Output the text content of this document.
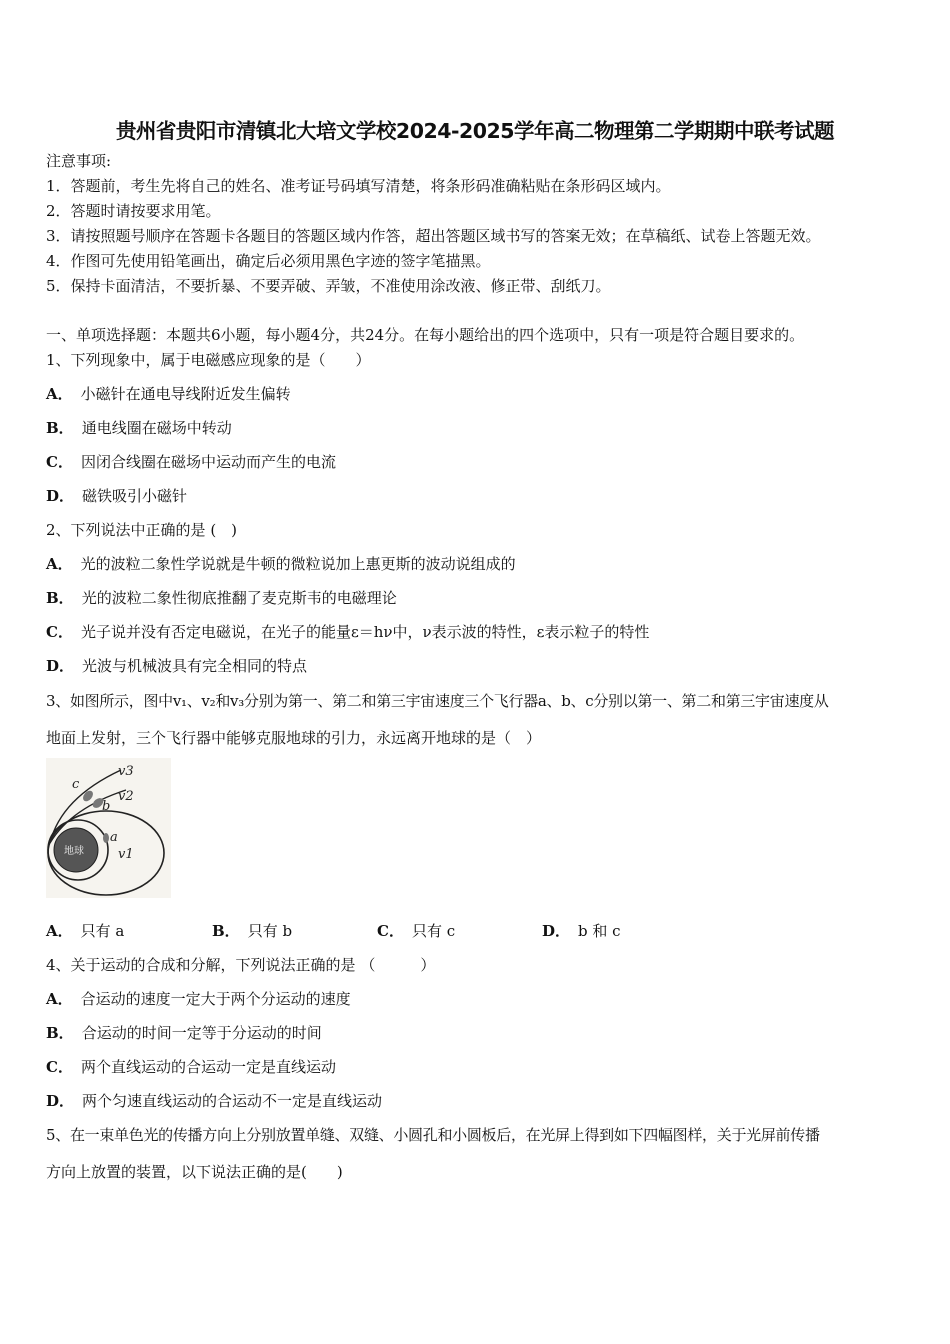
贵州省贵阳市清镇北大培文学校2024-2025学年高二物理第二学期期中联考试题
注意事项:
1．答题前，考生先将自己的姓名、准考证号码填写清楚，将条形码准确粘贴在条形码区域内。
2．答题时请按要求用笔。
3．请按照题号顺序在答题卡各题目的答题区域内作答，超出答题区域书写的答案无效；在草稿纸、试卷上答题无效。
4．作图可先使用铅笔画出，确定后必须用黑色字迹的签字笔描黑。
5．保持卡面清洁，不要折暴、不要弄破、弄皱，不准使用涂改液、修正带、刮纸刀。
一、单项选择题：本题共6小题，每小题4分，共24分。在每小题给出的四个选项中，只有一项是符合题目要求的。
1、下列现象中，属于电磁感应现象的是（　　）
A． 小磁针在通电导线附近发生偏转
B． 通电线圈在磁场中转动
C． 因闭合线圈在磁场中运动而产生的电流
D． 磁铁吸引小磁针
2、下列说法中正确的是 (　)
A． 光的波粒二象性学说就是牛顿的微粒说加上惠更斯的波动说组成的
B． 光的波粒二象性彻底推翻了麦克斯韦的电磁理论
C． 光子说并没有否定电磁说，在光子的能量ε＝hν中，ν表示波的特性，ε表示粒子的特性
D． 光波与机械波具有完全相同的特点
3、如图所示，图中v₁、v₂和v₃分别为第一、第二和第三宇宙速度三个飞行器a、b、c分别以第一、第二和第三宇宙速度从
地面上发射，三个飞行器中能够克服地球的引力，永远离开地球的是（　）
地球
a
b
c
v1
v2
v3
A． 只有 a	B． 只有 b	C． 只有 c	D． b 和 c
4、关于运动的合成和分解，下列说法正确的是 （　　　）
A． 合运动的速度一定大于两个分运动的速度
B． 合运动的时间一定等于分运动的时间
C． 两个直线运动的合运动一定是直线运动
D． 两个匀速直线运动的合运动不一定是直线运动
5、在一束单色光的传播方向上分别放置单缝、双缝、小圆孔和小圆板后，在光屏上得到如下四幅图样，关于光屏前传播
方向上放置的装置，以下说法正确的是(　　)
